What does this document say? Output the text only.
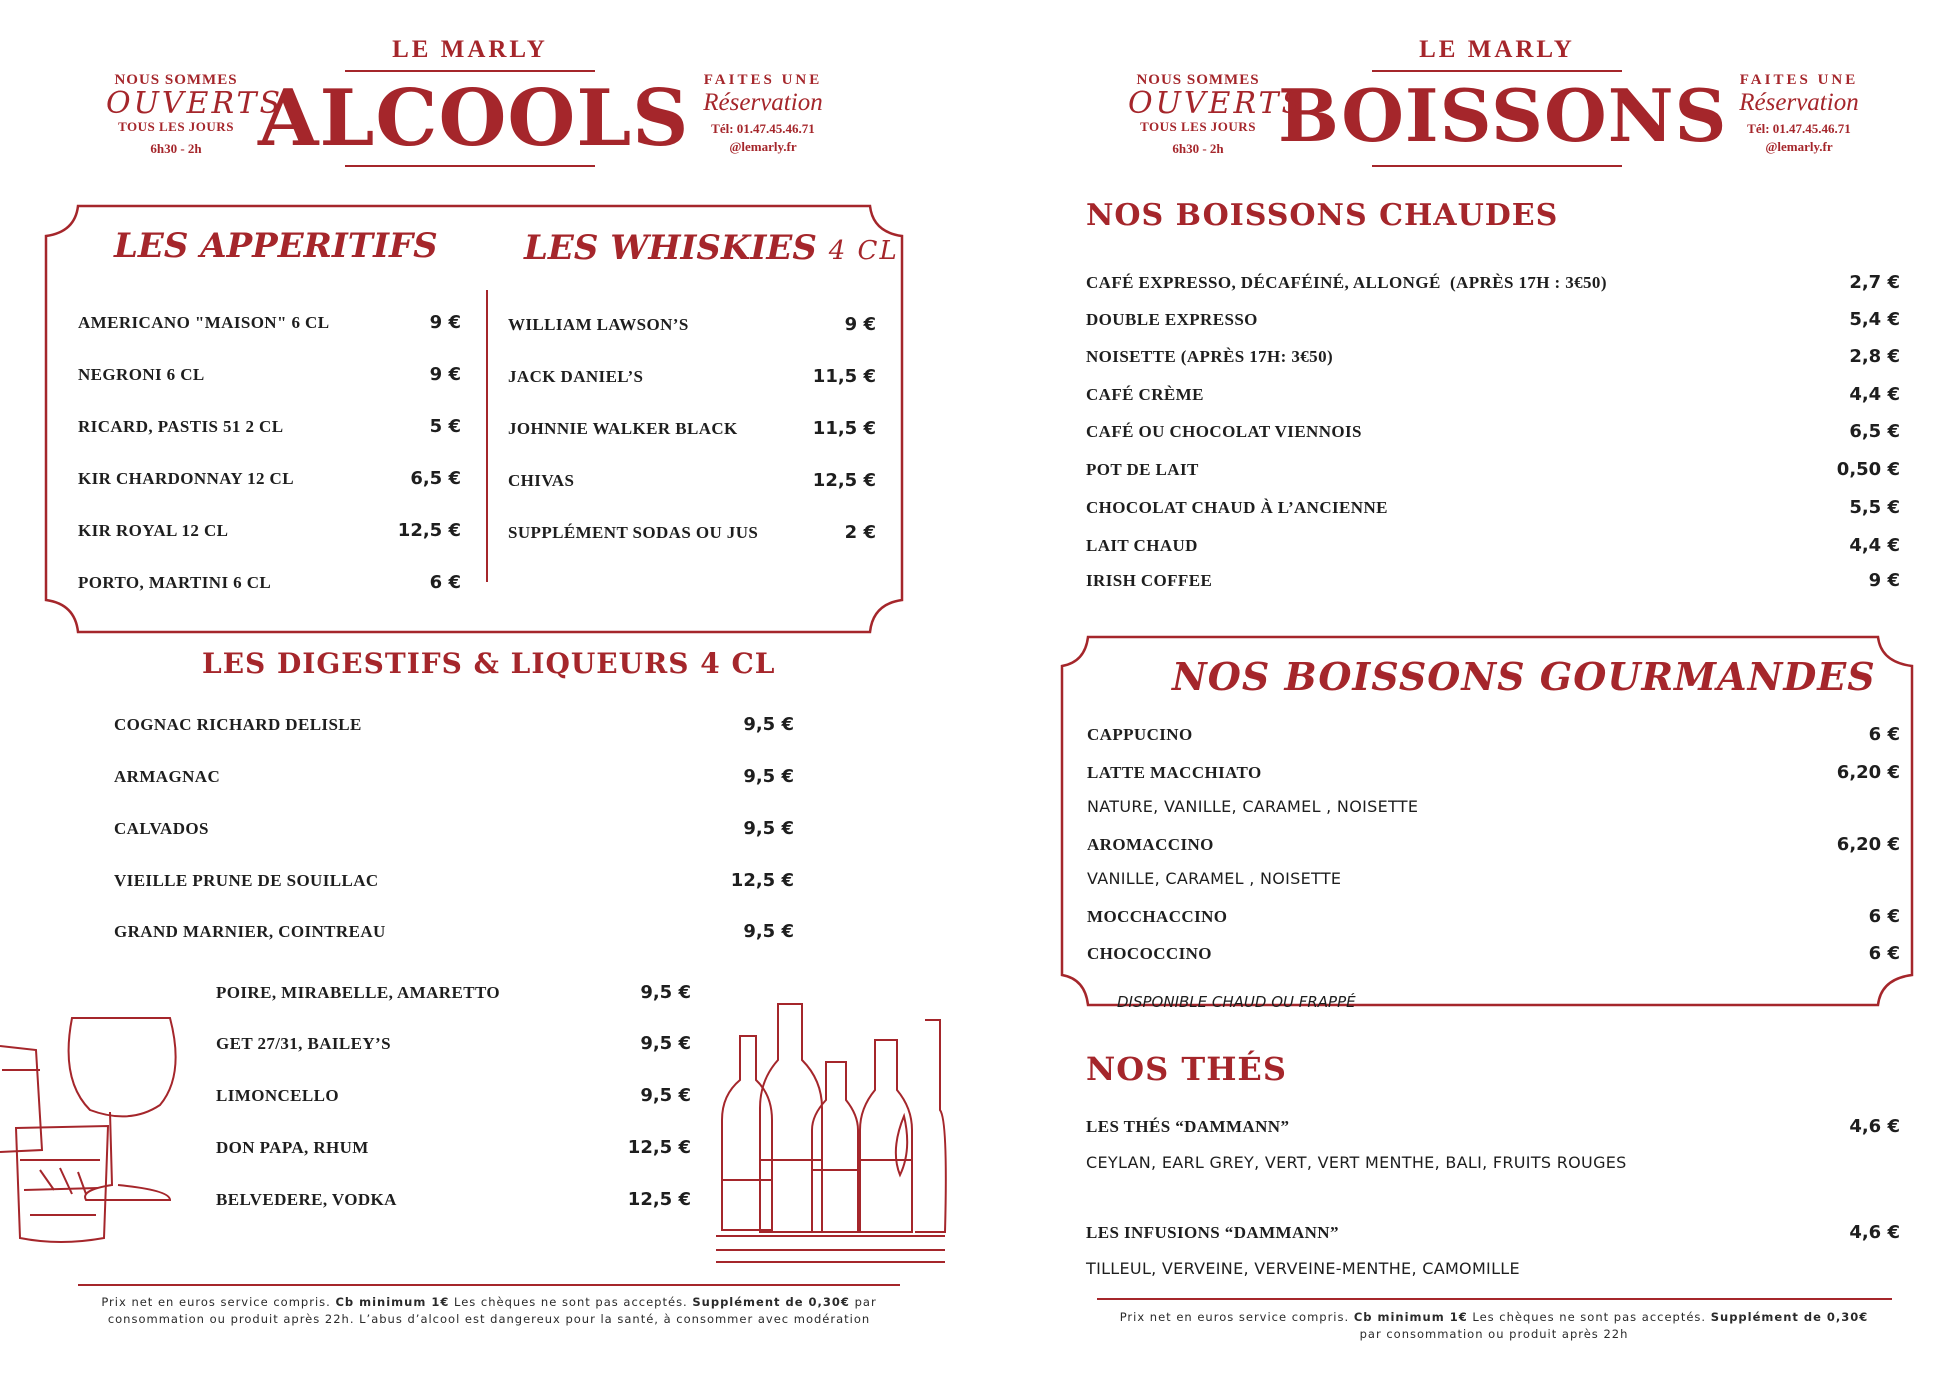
LE MARLY
ALCOOLS
NOUS SOMMES
OUVERTS
TOUS LES JOURS
6h30 - 2h
FAITES UNE
Réservation
Tél: 01.47.45.46.71
@lemarly.fr
LES APPERITIFS	LES WHISKIES 4 CL
AMERICANO "MAISON" 6 CL	9 €
NEGRONI 6 CL	9 €
RICARD, PASTIS 51 2 CL	5 €
KIR CHARDONNAY 12 CL	6,5 €
KIR ROYAL 12 CL	12,5 €
PORTO, MARTINI 6 CL	6 €
WILLIAM LAWSON’S	9 €
JACK DANIEL’S	11,5 €
JOHNNIE WALKER BLACK	11,5 €
CHIVAS	12,5 €
SUPPLÉMENT SODAS OU JUS	2 €
LES DIGESTIFS & LIQUEURS 4 CL
COGNAC RICHARD DELISLE	9,5 €
ARMAGNAC	9,5 €
CALVADOS	9,5 €
VIEILLE PRUNE DE SOUILLAC	12,5 €
GRAND MARNIER, COINTREAU	9,5 €
POIRE, MIRABELLE, AMARETTO	9,5 €
GET 27/31, BAILEY’S	9,5 €
LIMONCELLO	9,5 €
DON PAPA, RHUM	12,5 €
BELVEDERE, VODKA	12,5 €
Prix net en euros service compris. Cb minimum 1€ Les chèques ne sont pas acceptés. Supplément de 0,30€ par
consommation ou produit après 22h. L’abus d’alcool est dangereux pour la santé, à consommer avec modération
LE MARLY
BOISSONS
NOUS SOMMES
OUVERTS
TOUS LES JOURS
6h30 - 2h
FAITES UNE
Réservation
Tél: 01.47.45.46.71
@lemarly.fr
NOS BOISSONS CHAUDES
CAFÉ EXPRESSO, DÉCAFÉINÉ, ALLONGÉ (APRÈS 17H : 3€50)	2,7 €
DOUBLE EXPRESSO	5,4 €
NOISETTE (APRÈS 17H: 3€50)	2,8 €
CAFÉ CRÈME	4,4 €
CAFÉ OU CHOCOLAT VIENNOIS	6,5 €
POT DE LAIT	0,50 €
CHOCOLAT CHAUD À L’ANCIENNE	5,5 €
LAIT CHAUD	4,4 €
IRISH COFFEE	9 €
NOS BOISSONS GOURMANDES
CAPPUCINO	6 €
LATTE MACCHIATO	6,20 €
NATURE, VANILLE, CARAMEL , NOISETTE
AROMACCINO	6,20 €
VANILLE, CARAMEL , NOISETTE
MOCCHACCINO	6 €
CHOCOCCINO	6 €
DISPONIBLE CHAUD OU FRAPPÉ
NOS THÉS
LES THÉS “DAMMANN”	4,6 €
CEYLAN, EARL GREY, VERT, VERT MENTHE, BALI, FRUITS ROUGES
LES INFUSIONS “DAMMANN”	4,6 €
TILLEUL, VERVEINE, VERVEINE-MENTHE, CAMOMILLE
Prix net en euros service compris. Cb minimum 1€ Les chèques ne sont pas acceptés. Supplément de 0,30€
par consommation ou produit après 22h
